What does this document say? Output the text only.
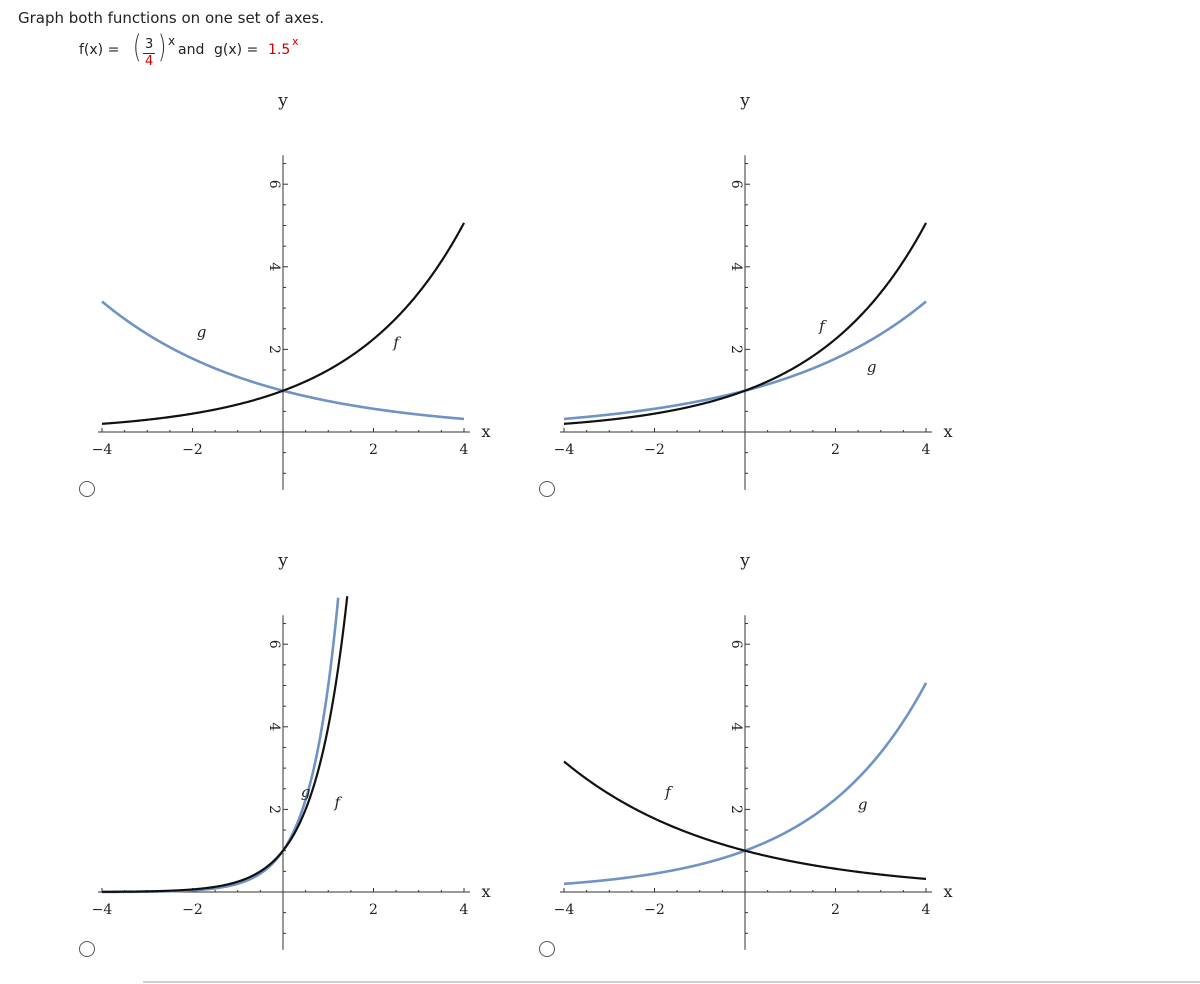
Graph both functions on one set of axes.
f(x) = ( 3
4 ) x
and g(x) = 1.5
x
−4	−2	2	4
2
4
6
y
x
f
g
−4	−2	2	4
2
4
6
y
x
f
g
−4	−2	2	4
2
4
6
y
x
f
g
−4	−2	2	4
2
4
6
y
x
f
g
